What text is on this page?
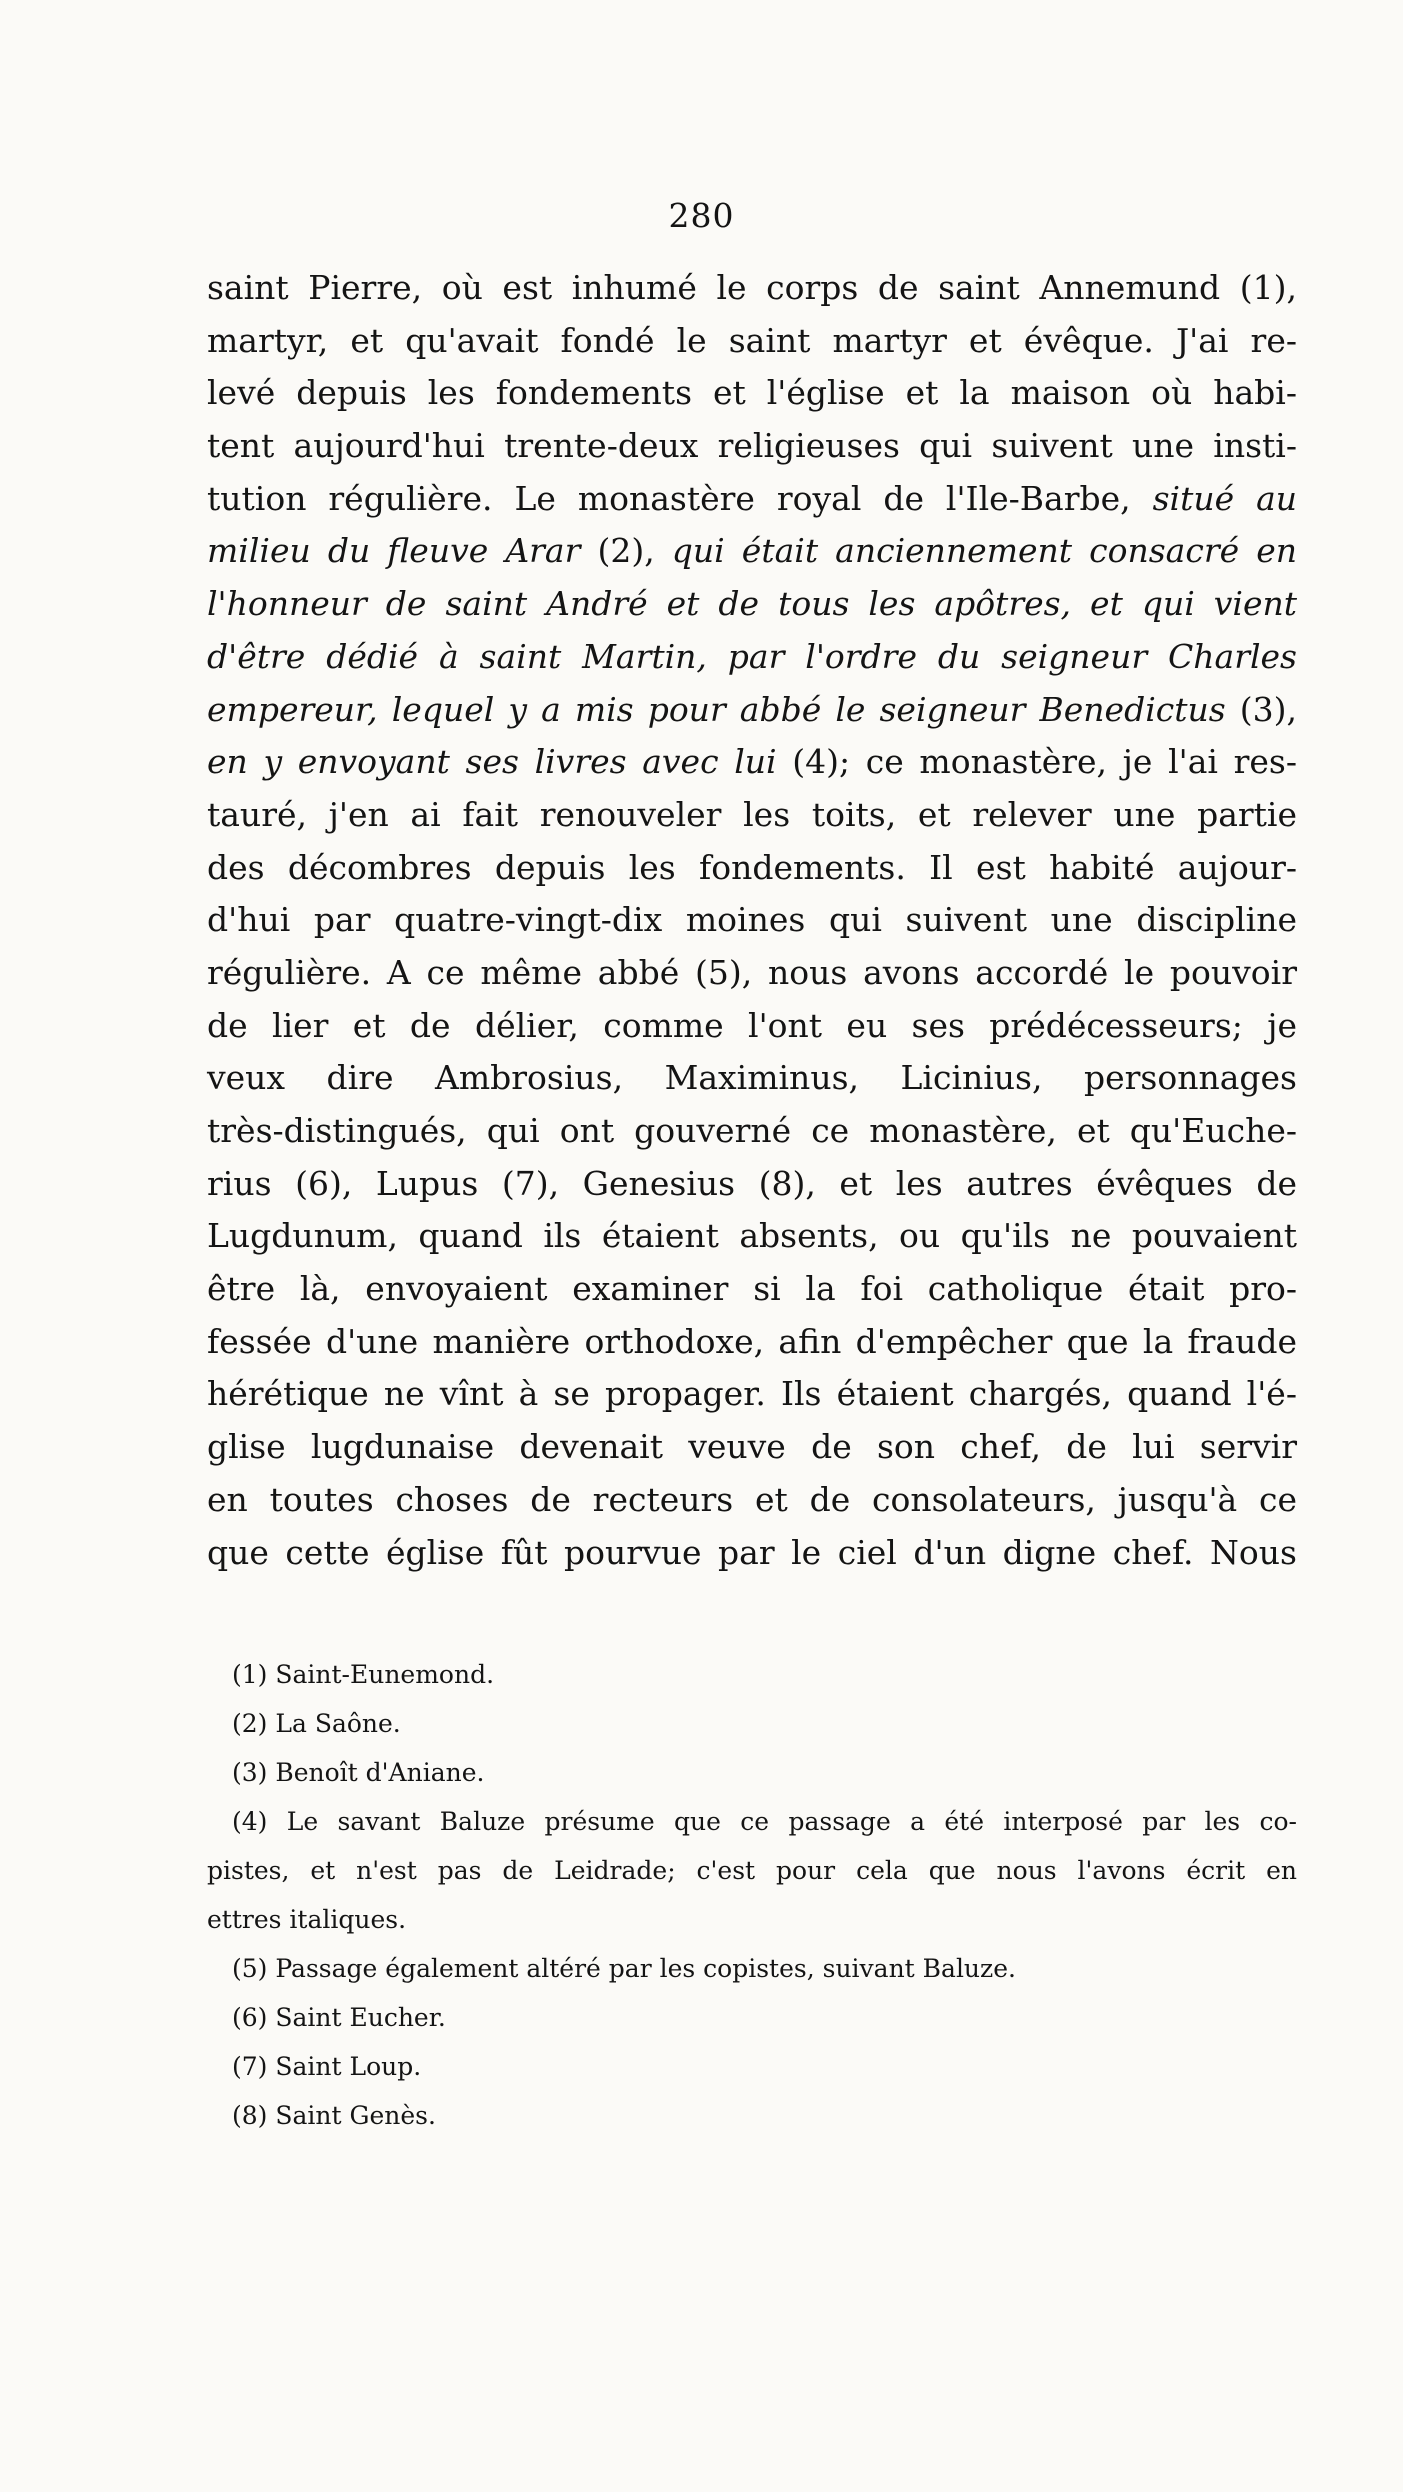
280
saint Pierre, où est inhumé le corps de saint Annemund (1),
martyr, et qu'avait fondé le saint martyr et évêque. J'ai re-
levé depuis les fondements et l'église et la maison où habi-
tent aujourd'hui trente-deux religieuses qui suivent une insti-
tution régulière. Le monastère royal de l'Ile-Barbe, situé au
milieu du fleuve Arar (2), qui était anciennement consacré en
l'honneur de saint André et de tous les apôtres, et qui vient
d'être dédié à saint Martin, par l'ordre du seigneur Charles
empereur, lequel y a mis pour abbé le seigneur Benedictus (3),
en y envoyant ses livres avec lui (4); ce monastère, je l'ai res-
tauré, j'en ai fait renouveler les toits, et relever une partie
des décombres depuis les fondements. Il est habité aujour-
d'hui par quatre-vingt-dix moines qui suivent une discipline
régulière. A ce même abbé (5), nous avons accordé le pouvoir
de lier et de délier, comme l'ont eu ses prédécesseurs; je
veux dire Ambrosius, Maximinus, Licinius, personnages
très-distingués, qui ont gouverné ce monastère, et qu'Euche-
rius (6), Lupus (7), Genesius (8), et les autres évêques de
Lugdunum, quand ils étaient absents, ou qu'ils ne pouvaient
être là, envoyaient examiner si la foi catholique était pro-
fessée d'une manière orthodoxe, afin d'empêcher que la fraude
hérétique ne vînt à se propager. Ils étaient chargés, quand l'é-
glise lugdunaise devenait veuve de son chef, de lui servir
en toutes choses de recteurs et de consolateurs, jusqu'à ce
que cette église fût pourvue par le ciel d'un digne chef. Nous
(1) Saint-Eunemond.
(2) La Saône.
(3) Benoît d'Aniane.
(4) Le savant Baluze présume que ce passage a été interposé par les co-
pistes, et n'est pas de Leidrade; c'est pour cela que nous l'avons écrit en
ettres italiques.
(5) Passage également altéré par les copistes, suivant Baluze.
(6) Saint Eucher.
(7) Saint Loup.
(8) Saint Genès.
